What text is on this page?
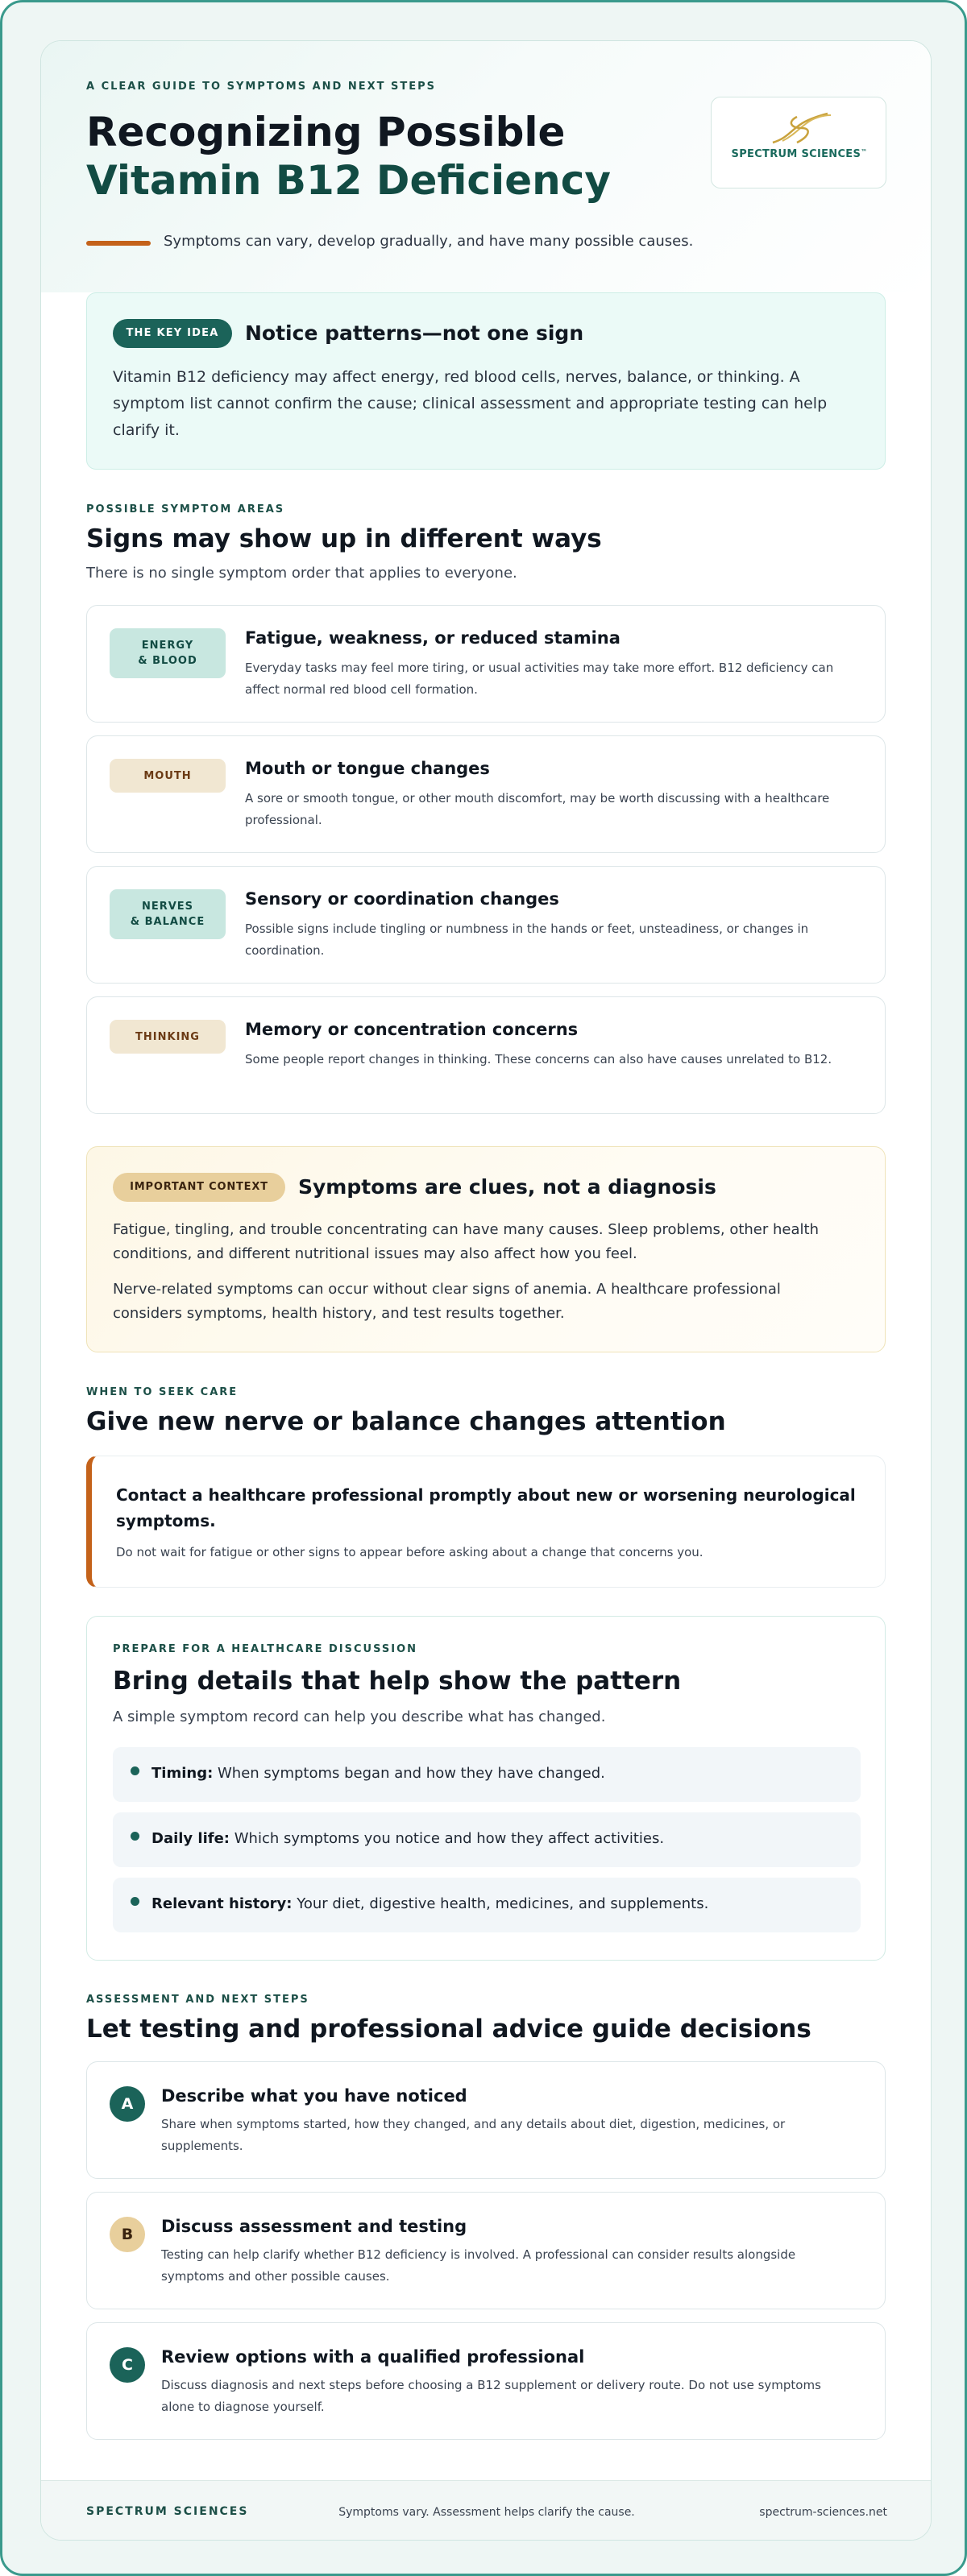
A CLEAR GUIDE TO SYMPTOMS AND NEXT STEPS
Recognizing Possible
Vitamin B12 Deficiency
Symptoms can vary, develop gradually, and have many possible causes.
SPECTRUM SCIENCES™
THE KEY IDEA	Notice patterns—not one sign

Vitamin B12 deficiency may affect energy, red blood cells, nerves, balance, or thinking. A symptom list cannot confirm the cause; clinical assessment and appropriate testing can help clarify it.

POSSIBLE SYMPTOM AREAS
Signs may show up in different ways
There is no single symptom order that applies to everyone.
ENERGY
& BLOOD
Fatigue, weakness, or reduced stamina
Everyday tasks may feel more tiring, or usual activities may take more effort. B12 deficiency can affect normal red blood cell formation.
MOUTH	Mouth or tongue changes
A sore or smooth tongue, or other mouth discomfort, may be worth discussing with a healthcare professional.
NERVES
& BALANCE
Sensory or coordination changes
Possible signs include tingling or numbness in the hands or feet, unsteadiness, or changes in coordination.
THINKING	Memory or concentration concerns
Some people report changes in thinking. These concerns can also have causes unrelated to B12.
IMPORTANT CONTEXT	Symptoms are clues, not a diagnosis

Fatigue, tingling, and trouble concentrating can have many causes. Sleep problems, other health conditions, and different nutritional issues may also affect how you feel.

Nerve-related symptoms can occur without clear signs of anemia. A healthcare professional considers symptoms, health history, and test results together.

WHEN TO SEEK CARE
Give new nerve or balance changes attention
Contact a healthcare professional promptly about new or worsening neurological symptoms.
Do not wait for fatigue or other signs to appear before asking about a change that concerns you.
PREPARE FOR A HEALTHCARE DISCUSSION
Bring details that help show the pattern
A simple symptom record can help you describe what has changed.
Timing: When symptoms began and how they have changed.
Daily life: Which symptoms you notice and how they affect activities.
Relevant history: Your diet, digestive health, medicines, and supplements.
ASSESSMENT AND NEXT STEPS
Let testing and professional advice guide decisions
A	Describe what you have noticed
Share when symptoms started, how they changed, and any details about diet, digestion, medicines, or supplements.
B	Discuss assessment and testing
Testing can help clarify whether B12 deficiency is involved. A professional can consider results alongside symptoms and other possible causes.
C	Review options with a qualified professional
Discuss diagnosis and next steps before choosing a B12 supplement or delivery route. Do not use symptoms alone to diagnose yourself.
Symptoms vary. Assessment helps clarify the cause.
SPECTRUM SCIENCES	spectrum-sciences.net
